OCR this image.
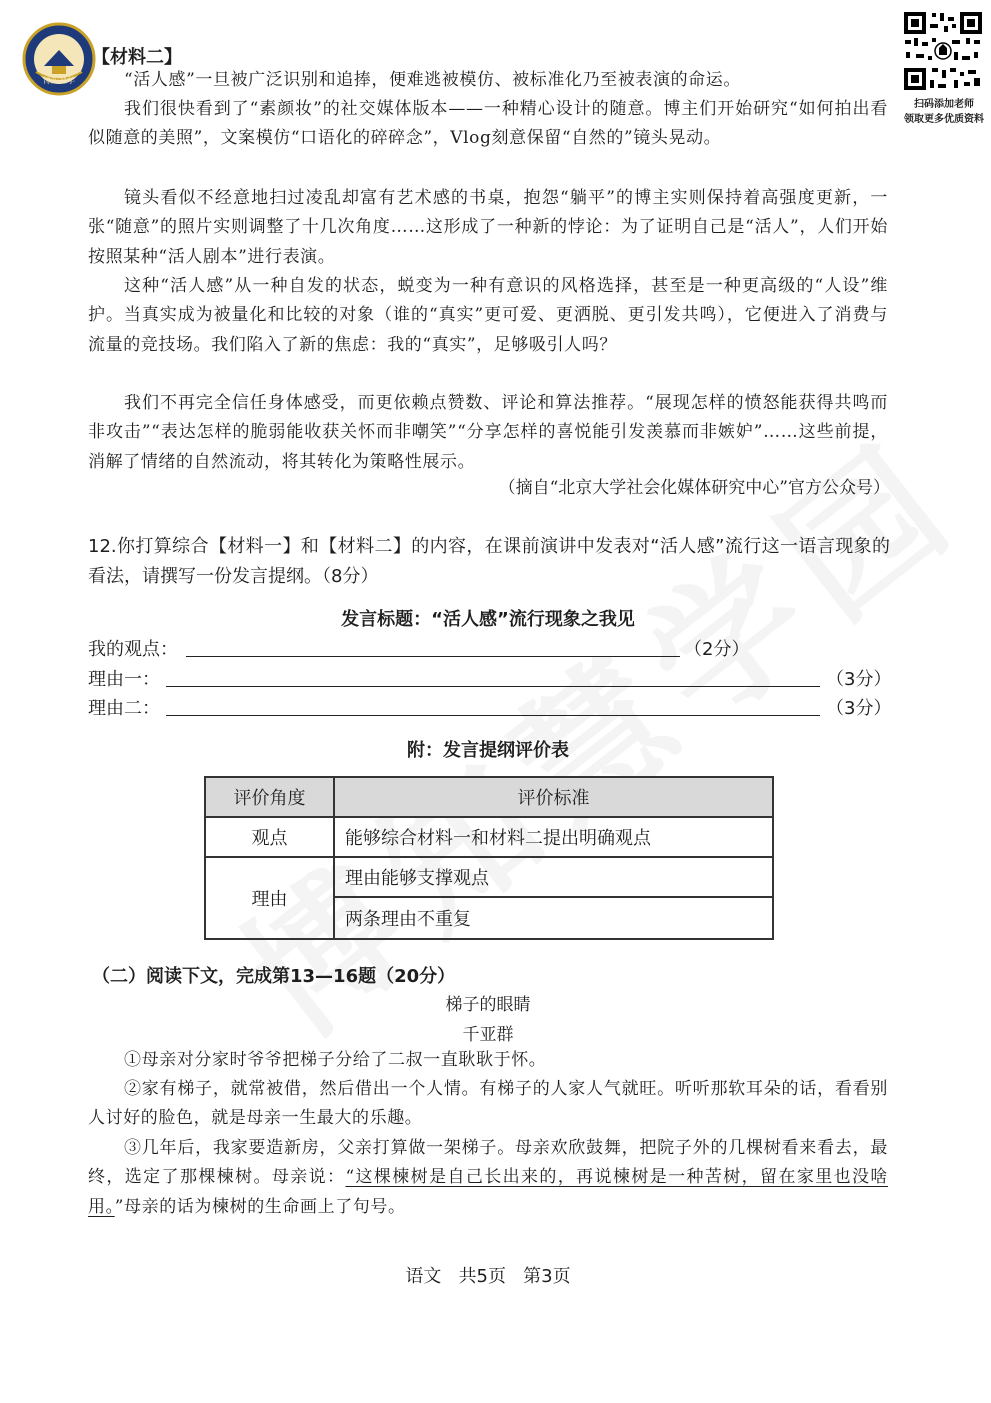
博知慧学
扫码添加老师
领取更多优质资料
【材料二】
“活人感”一旦被广泛识别和追捧，便难逃被模仿、被标准化乃至被表演的命运。
我们很快看到了“素颜妆”的社交媒体版本——一种精心设计的随意。博主们开始研究“如何拍出看似随意的美照”，文案模仿“口语化的碎碎念”，Vlog刻意保留“自然的”镜头晃动。
镜头看似不经意地扫过凌乱却富有艺术感的书桌，抱怨“躺平”的博主实则保持着高强度更新，一张“随意”的照片实则调整了十几次角度……这形成了一种新的悖论：为了证明自己是“活人”，人们开始按照某种“活人剧本”进行表演。
这种“活人感”从一种自发的状态，蜕变为一种有意识的风格选择，甚至是一种更高级的“人设”维护。当真实成为被量化和比较的对象（谁的“真实”更可爱、更洒脱、更引发共鸣），它便进入了消费与流量的竞技场。我们陷入了新的焦虑：我的“真实”，足够吸引人吗？
我们不再完全信任身体感受，而更依赖点赞数、评论和算法推荐。“展现怎样的愤怒能获得共鸣而非攻击”“表达怎样的脆弱能收获关怀而非嘲笑”“分享怎样的喜悦能引发羡慕而非嫉妒”……这些前提，消解了情绪的自然流动，将其转化为策略性展示。
（摘自“北京大学社会化媒体研究中心”官方公众号）
12.你打算综合【材料一】和【材料二】的内容，在课前演讲中发表对“活人感”流行这一语言现象的看法，请撰写一份发言提纲。（8分）
发言标题：“活人感”流行现象之我见
我的观点：	（2分）
理由一：	（3分）
理由二：	（3分）
附：发言提纲评价表
评价角度	评价标准
观点	能够综合材料一和材料二提出明确观点
理由	理由能够支撑观点
	两条理由不重复
（二）阅读下文，完成第13—16题（20分）
梯子的眼睛
千亚群
①母亲对分家时爷爷把梯子分给了二叔一直耿耿于怀。
②家有梯子，就常被借，然后借出一个人情。有梯子的人家人气就旺。听听那软耳朵的话，看看别人讨好的脸色，就是母亲一生最大的乐趣。
③几年后，我家要造新房，父亲打算做一架梯子。母亲欢欣鼓舞，把院子外的几棵树看来看去，最终，选定了那棵楝树。母亲说：“这棵楝树是自己长出来的，再说楝树是一种苦树，留在家里也没啥用。”母亲的话为楝树的生命画上了句号。
语文   共5页   第3页
